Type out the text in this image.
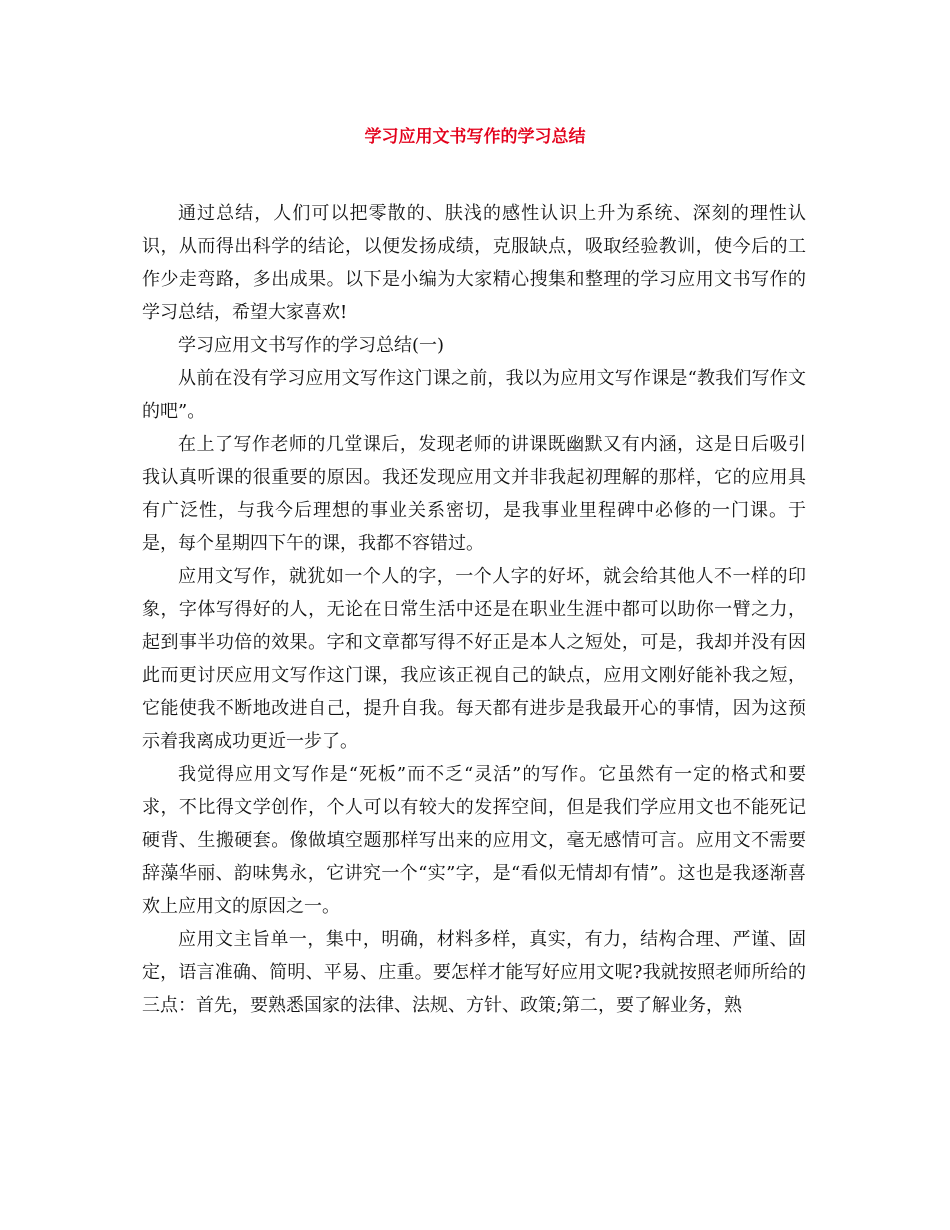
学习应用文书写作的学习总结

通过总结，人们可以把零散的、肤浅的感性认识上升为系统、深刻的理性认识，从而得出科学的结论，以便发扬成绩，克服缺点，吸取经验教训，使今后的工作少走弯路，多出成果。以下是小编为大家精心搜集和整理的学习应用文书写作的学习总结，希望大家喜欢!

学习应用文书写作的学习总结(一)

从前在没有学习应用文写作这门课之前，我以为应用文写作课是“教我们写作文的吧”。

在上了写作老师的几堂课后，发现老师的讲课既幽默又有内涵，这是日后吸引我认真听课的很重要的原因。我还发现应用文并非我起初理解的那样，它的应用具有广泛性，与我今后理想的事业关系密切，是我事业里程碑中必修的一门课。于是，每个星期四下午的课，我都不容错过。

应用文写作，就犹如一个人的字，一个人字的好坏，就会给其他人不一样的印象，字体写得好的人，无论在日常生活中还是在职业生涯中都可以助你一臂之力，起到事半功倍的效果。字和文章都写得不好正是本人之短处，可是，我却并没有因此而更讨厌应用文写作这门课，我应该正视自己的缺点，应用文刚好能补我之短，它能使我不断地改进自己，提升自我。每天都有进步是我最开心的事情，因为这预示着我离成功更近一步了。

我觉得应用文写作是“死板”而不乏“灵活”的写作。它虽然有一定的格式和要求，不比得文学创作，个人可以有较大的发挥空间，但是我们学应用文也不能死记硬背、生搬硬套。像做填空题那样写出来的应用文，毫无感情可言。应用文不需要辞藻华丽、韵味隽永，它讲究一个“实”字，是“看似无情却有情”。这也是我逐渐喜欢上应用文的原因之一。

应用文主旨单一，集中，明确，材料多样，真实，有力，结构合理、严谨、固定，语言准确、简明、平易、庄重。要怎样才能写好应用文呢?我就按照老师所给的三点：首先，要熟悉国家的法律、法规、方针、政策;第二，要了解业务，熟
